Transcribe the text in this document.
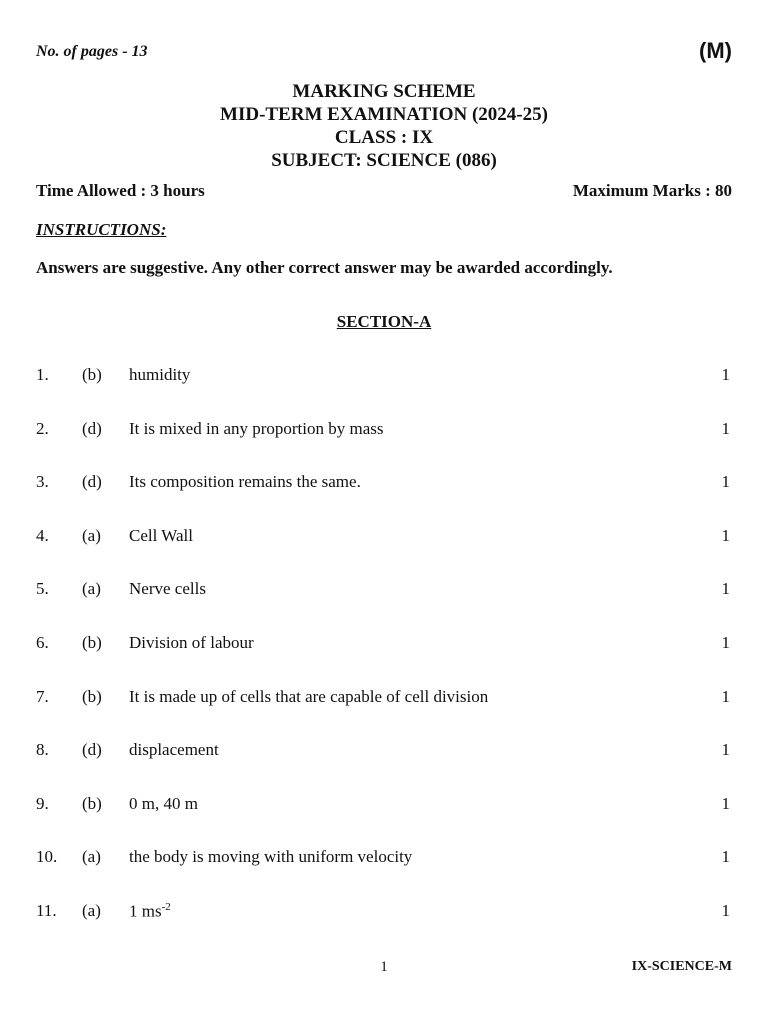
No. of pages - 13	(M)
MARKING SCHEME
MID-TERM EXAMINATION (2024-25)
CLASS : IX
SUBJECT: SCIENCE (086)
Time Allowed : 3 hours	Maximum Marks : 80
INSTRUCTIONS:
Answers are suggestive. Any other correct answer may be awarded accordingly.
SECTION-A
1. (b) humidity	1
2. (d) It is mixed in any proportion by mass	1
3. (d) Its composition remains the same.	1
4. (a) Cell Wall	1
5. (a) Nerve cells	1
6. (b) Division of labour	1
7. (b) It is made up of cells that are capable of cell division	1
8. (d) displacement	1
9. (b) 0 m, 40 m	1
10. (a) the body is moving with uniform velocity	1
11. (a) 1 $ms^{-2}$	1
1	IX-SCIENCE-M
